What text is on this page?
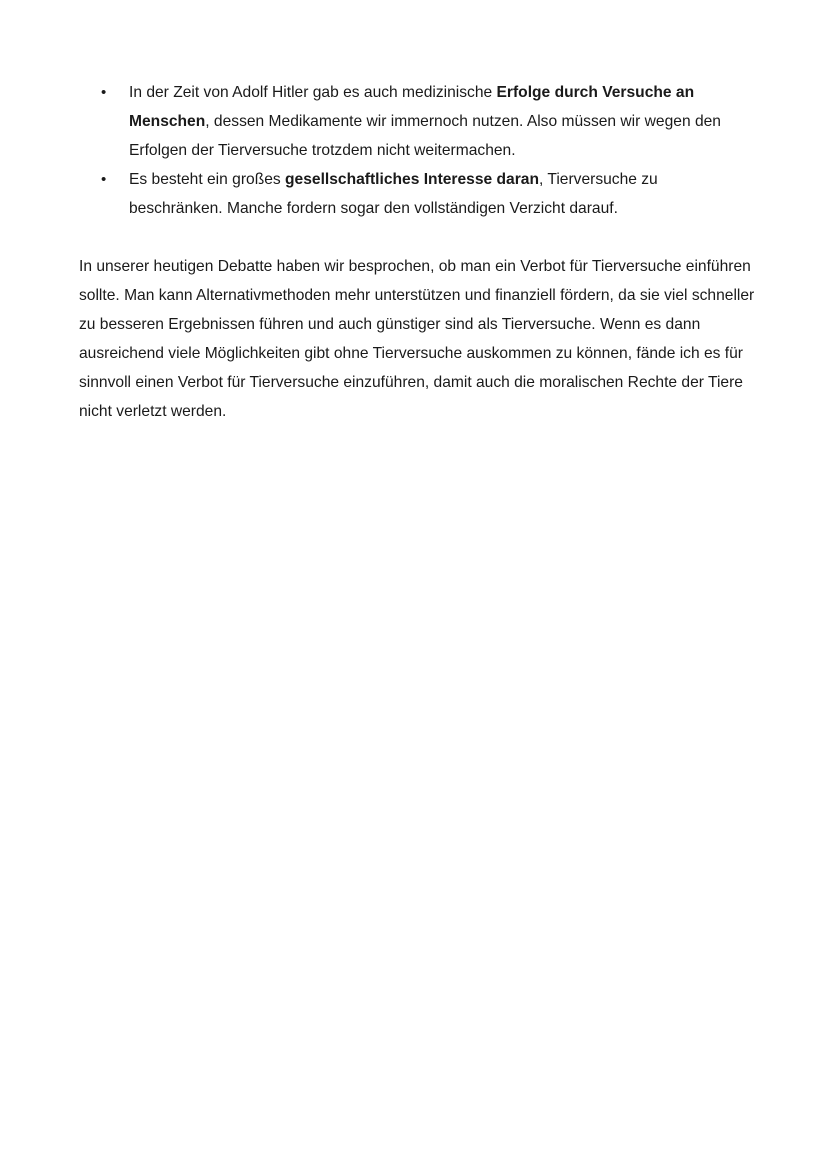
• In der Zeit von Adolf Hitler gab es auch medizinische Erfolge durch Versuche an Menschen, dessen Medikamente wir immernoch nutzen. Also müssen wir wegen den Erfolgen der Tierversuche trotzdem nicht weitermachen.
• Es besteht ein großes gesellschaftliches Interesse daran, Tierversuche zu beschränken. Manche fordern sogar den vollständigen Verzicht darauf.

In unserer heutigen Debatte haben wir besprochen, ob man ein Verbot für Tierversuche einführen sollte. Man kann Alternativmethoden mehr unterstützen und finanziell fördern, da sie viel schneller zu besseren Ergebnissen führen und auch günstiger sind als Tierversuche. Wenn es dann ausreichend viele Möglichkeiten gibt ohne Tierversuche auskommen zu können, fände ich es für sinnvoll einen Verbot für Tierversuche einzuführen, damit auch die moralischen Rechte der Tiere nicht verletzt werden.
